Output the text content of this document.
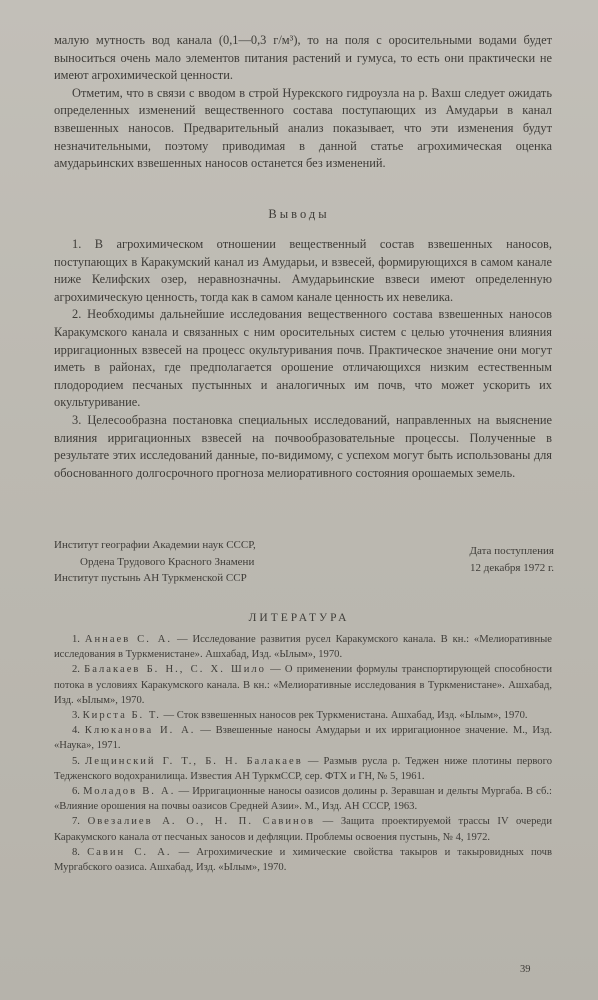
малую мутность вод канала (0,1—0,3 г/м³), то на поля с оросительными водами будет выноситься очень мало элементов питания растений и гумуса, то есть они практически не имеют агрохимической ценности.

Отметим, что в связи с вводом в строй Нурекского гидроузла на р. Вахш следует ожидать определенных изменений вещественного состава поступающих из Амударьи в канал взвешенных наносов. Предварительный анализ показывает, что эти изменения будут незначительными, поэтому приводимая в данной статье агрохимическая оценка амударьинских взвешенных наносов останется без изменений.

Выводы

1. В агрохимическом отношении вещественный состав взвешенных наносов, поступающих в Каракумский канал из Амударьи, и взвесей, формирующихся в самом канале ниже Келифских озер, неравнозначны. Амударьинские взвеси имеют определенную агрохимическую ценность, тогда как в самом канале ценность их невелика.

2. Необходимы дальнейшие исследования вещественного состава взвешенных наносов Каракумского канала и связанных с ним оросительных систем с целью уточнения влияния ирригационных взвесей на процесс окультуривания почв. Практическое значение они могут иметь в районах, где предполагается орошение отличающихся низким естественным плодородием песчаных пустынных и аналогичных им почв, что может ускорить их окультуривание.

3. Целесообразна постановка специальных исследований, направленных на выяснение влияния ирригационных взвесей на почвообразовательные процессы. Полученные в результате этих исследований данные, по-видимому, с успехом могут быть использованы для обоснованного долгосрочного прогноза мелиоративного состояния орошаемых земель.

Институт географии Академии наук СССР,
Ордена Трудового Красного Знамени
Институт пустынь АН Туркменской ССР
Дата поступления
12 декабря 1972 г.
ЛИТЕРАТУРА

1. Аннаев С. А. — Исследование развития русел Каракумского канала. В кн.: «Мелиоративные исследования в Туркменистане». Ашхабад, Изд. «Ылым», 1970.

2. Балакаев Б. Н., С. Х. Шило — О применении формулы транспортирующей способности потока в условиях Каракумского канала. В кн.: «Мелиоративные исследования в Туркменистане». Ашхабад, Изд. «Ылым», 1970.

3. Кирста Б. Т. — Сток взвешенных наносов рек Туркменистана. Ашхабад, Изд. «Ылым», 1970.

4. Клюканова И. А. — Взвешенные наносы Амударьи и их ирригационное значение. М., Изд. «Наука», 1971.

5. Лещинский Г. Т., Б. Н. Балакаев — Размыв русла р. Теджен ниже плотины первого Тедженского водохранилища. Известия АН ТуркмССР, сер. ФТХ и ГН, № 5, 1961.

6. Моладов В. А. — Ирригационные наносы оазисов долины р. Зеравшан и дельты Мургаба. В сб.: «Влияние орошения на почвы оазисов Средней Азии». М., Изд. АН СССР, 1963.

7. Овезалиев А. О., Н. П. Савинов — Защита проектируемой трассы IV очереди Каракумского канала от песчаных заносов и дефляции. Проблемы освоения пустынь, № 4, 1972.

8. Савин С. А. — Агрохимические и химические свойства такыров и такыровидных почв Мургабского оазиса. Ашхабад, Изд. «Ылым», 1970.

39
